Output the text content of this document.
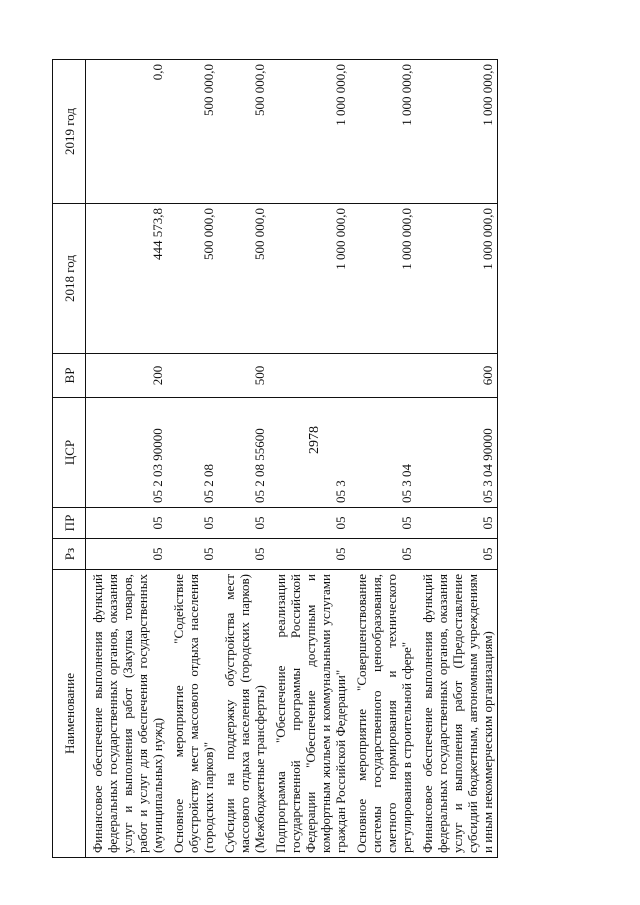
2978
Наименование	Рз	ПР	ЦСР	ВР	2018 год	2019 год
Финансовое обеспечение выполнения функций федеральных государственных органов, оказания услуг и выполнения работ (Закупка товаров, работ и услуг для обеспечения государственных (муниципальных) нужд)	05	05	05 2 03 90000	200	444 573,8	0,0
Основное мероприятие "Содействие обустройству мест массового отдыха населения (городских парков)"	05	05	05 2 08		500 000,0	500 000,0
Субсидии на поддержку обустройства мест массового отдыха населения (городских парков) (Межбюджетные трансферты)	05	05	05 2 08 55600	500	500 000,0	500 000,0
Подпрограмма "Обеспечение реализации государственной программы Российской Федерации "Обеспечение доступным и комфортным жильем и коммунальными услугами граждан Российской Федерации"	05	05	05 3		1 000 000,0	1 000 000,0
Основное мероприятие "Совершенствование системы государственного ценообразования, сметного нормирования и технического регулирования в строительной сфере"	05	05	05 3 04		1 000 000,0	1 000 000,0
Финансовое обеспечение выполнения функций федеральных государственных органов, оказания услуг и выполнения работ (Предоставление субсидий бюджетным, автономным учреждениям и иным некоммерческим организациям)	05	05	05 3 04 90000	600	1 000 000,0	1 000 000,0
